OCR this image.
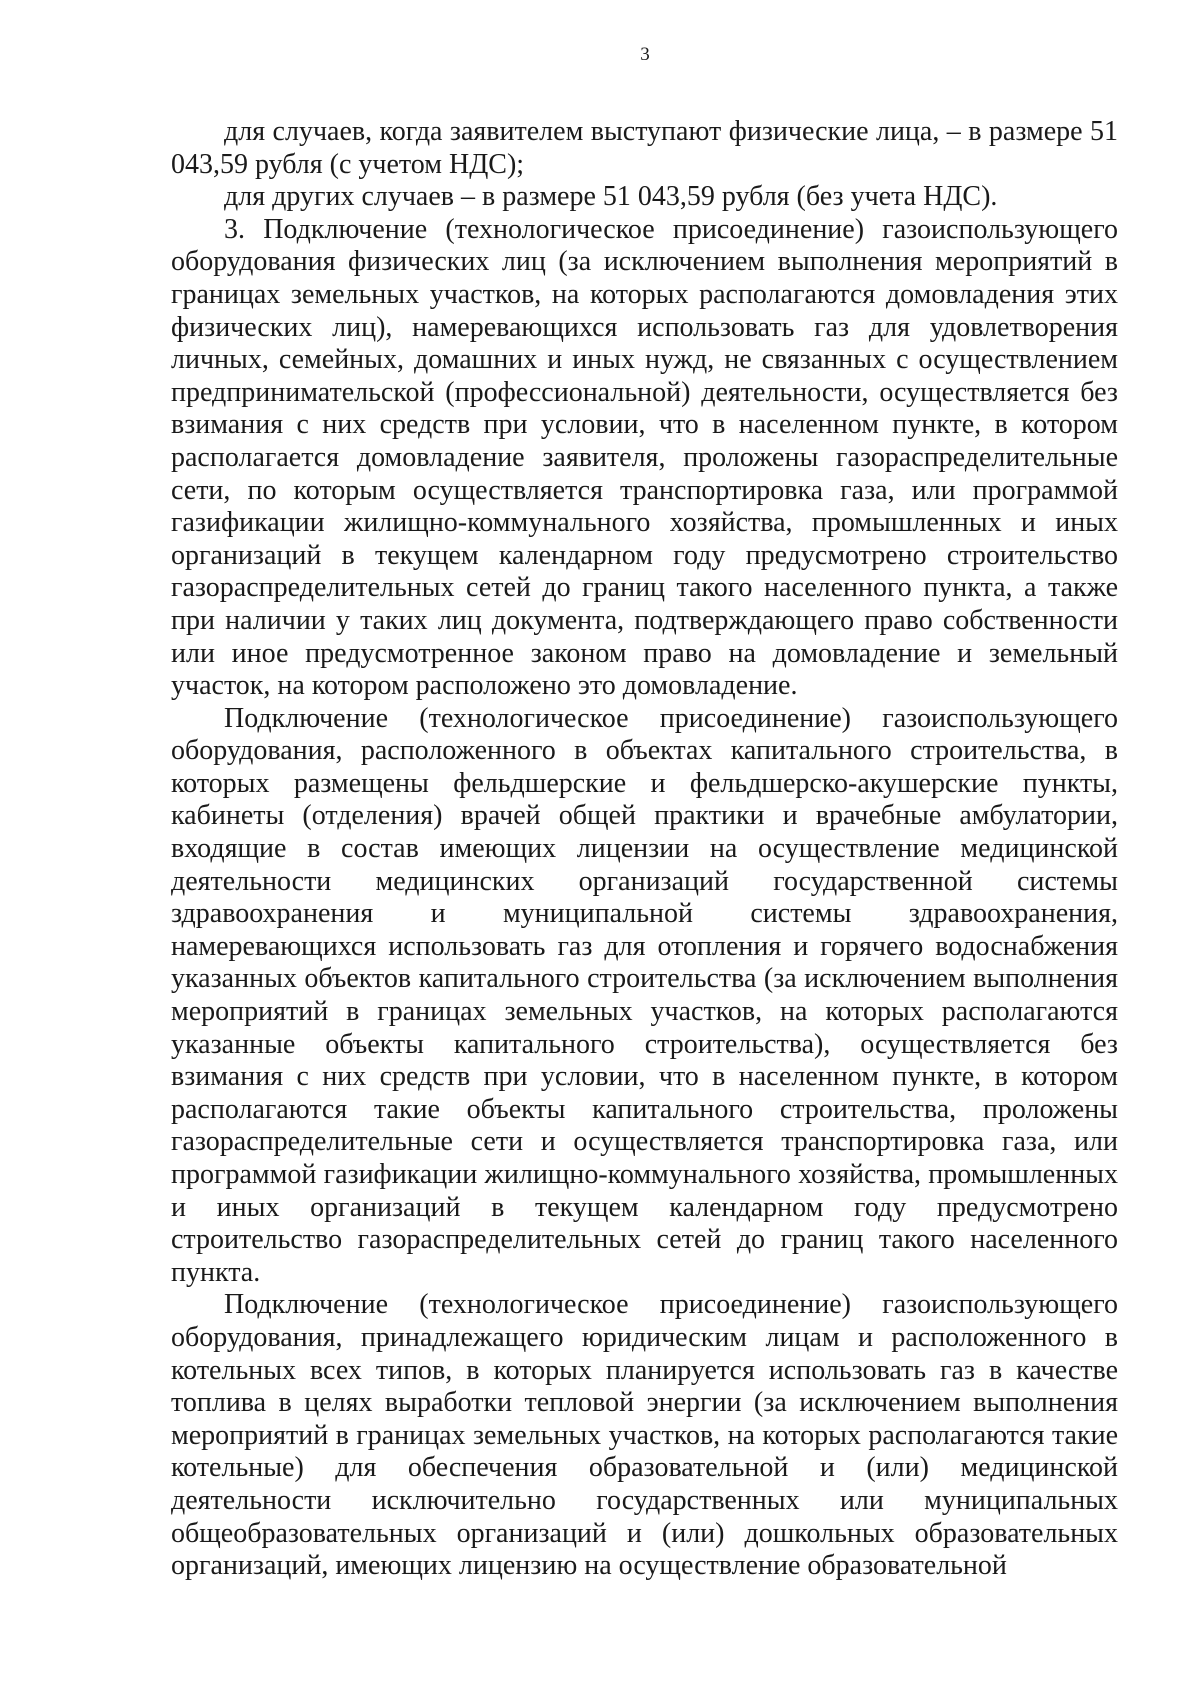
3

для случаев, когда заявителем выступают физические лица, – в размере 51 043,59 рубля (с учетом НДС);

для других случаев – в размере 51 043,59 рубля (без учета НДС).

3. Подключение (технологическое присоединение) газоиспользующего оборудования физических лиц (за исключением выполнения мероприятий в границах земельных участков, на которых располагаются домовладения этих физических лиц), намеревающихся использовать газ для удовлетворения личных, семейных, домашних и иных нужд, не связанных с осуществлением предпринимательской (профессиональной) деятельности, осуществляется без взимания с них средств при условии, что в населенном пункте, в котором располагается домовладение заявителя, проложены газораспределительные сети, по которым осуществляется транспортировка газа, или программой газификации жилищно-коммунального хозяйства, промышленных и иных организаций в текущем календарном году предусмотрено строительство газораспределительных сетей до границ такого населенного пункта, а также при наличии у таких лиц документа, подтверждающего право собственности или иное предусмотренное законом право на домовладение и земельный участок, на котором расположено это домовладение.

Подключение (технологическое присоединение) газоиспользующего оборудования, расположенного в объектах капитального строительства, в которых размещены фельдшерские и фельдшерско-акушерские пункты, кабинеты (отделения) врачей общей практики и врачебные амбулатории, входящие в состав имеющих лицензии на осуществление медицинской деятельности медицинских организаций государственной системы здравоохранения и муниципальной системы здравоохранения, намеревающихся использовать газ для отопления и горячего водоснабжения указанных объектов капитального строительства (за исключением выполнения мероприятий в границах земельных участков, на которых располагаются указанные объекты капитального строительства), осуществляется без взимания с них средств при условии, что в населенном пункте, в котором располагаются такие объекты капитального строительства, проложены газораспределительные сети и осуществляется транспортировка газа, или программой газификации жилищно-коммунального хозяйства, промышленных и иных организаций в текущем календарном году предусмотрено строительство газораспределительных сетей до границ такого населенного пункта.

Подключение (технологическое присоединение) газоиспользующего оборудования, принадлежащего юридическим лицам и расположенного в котельных всех типов, в которых планируется использовать газ в качестве топлива в целях выработки тепловой энергии (за исключением выполнения мероприятий в границах земельных участков, на которых располагаются такие котельные) для обеспечения образовательной и (или) медицинской деятельности исключительно государственных или муниципальных общеобразовательных организаций и (или) дошкольных образовательных организаций, имеющих лицензию на осуществление образовательной
